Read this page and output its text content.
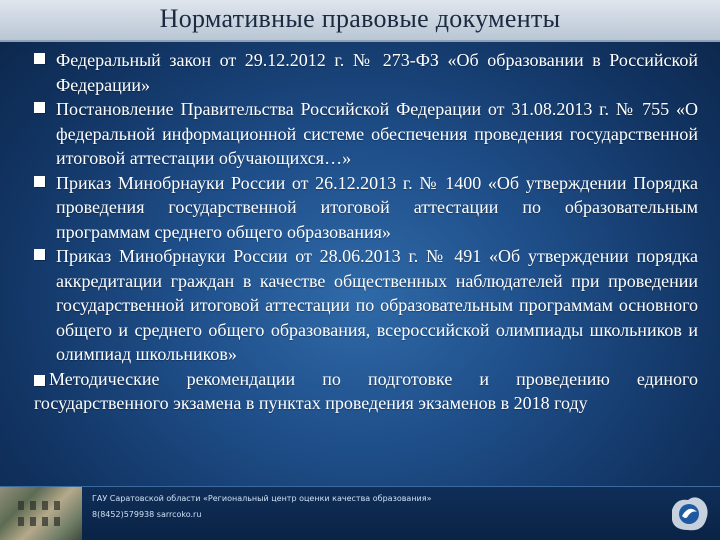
Нормативные правовые документы
Федеральный закон от 29.12.2012 г. № 273-ФЗ «Об образовании в Российской Федерации»
Постановление Правительства Российской Федерации от 31.08.2013 г. № 755 «О федеральной информационной системе обеспечения проведения государственной итоговой аттестации обучающихся…»
Приказ Минобрнауки России от 26.12.2013 г. № 1400 «Об утверждении Порядка проведения государственной итоговой аттестации по образовательным программам среднего общего образования»
Приказ Минобрнауки России от 28.06.2013 г. № 491 «Об утверждении порядка аккредитации граждан в качестве общественных наблюдателей при проведении государственной итоговой аттестации по образовательным программам основного общего и среднего общего образования, всероссийской олимпиады школьников и олимпиад школьников»
Методические рекомендации по подготовке и проведению единого государственного экзамена в пунктах проведения экзаменов в 2018 году
ГАУ Саратовской области «Региональный центр оценки качества образования»
8(8452)579938 sarrcoko.ru
